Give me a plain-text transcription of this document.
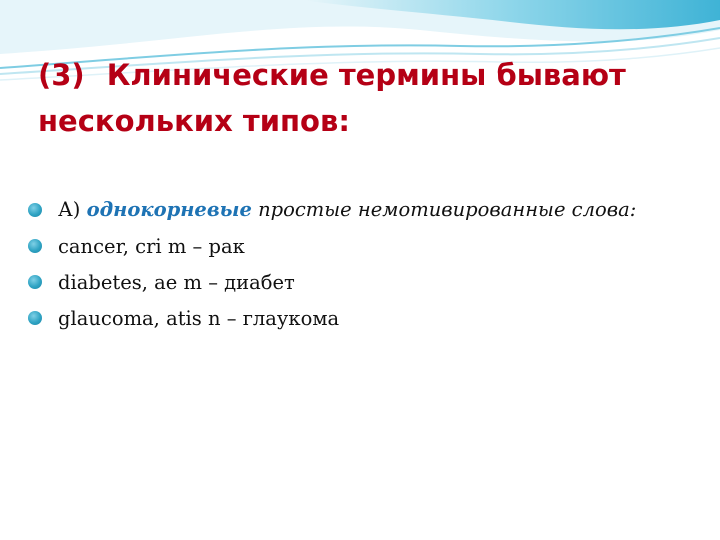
(3) Клинические термины бывают нескольких типов:
А) однокорневые простые немотивированные слова:
cancer, cri m – рак
diabetes, ae m – диабет
glaucoma, atis n – глаукома
